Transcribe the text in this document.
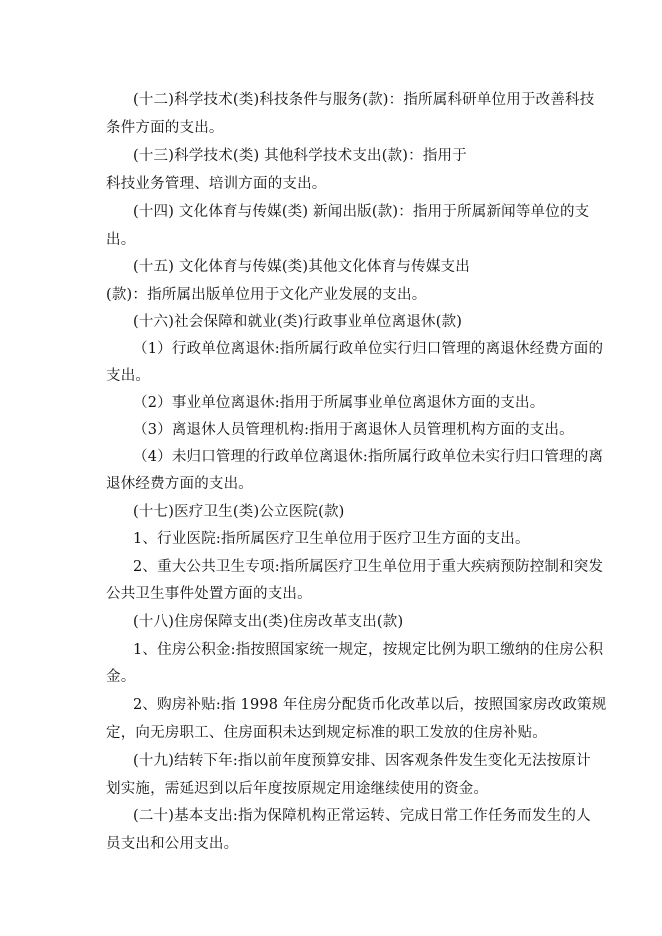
(十二)科学技术(类)科技条件与服务(款)：指所属科研单位用于改善科技
条件方面的支出。
(十三)科学技术(类) 其他科学技术支出(款)：指用于
科技业务管理、培训方面的支出。
(十四) 文化体育与传媒(类) 新闻出版(款)：指用于所属新闻等单位的支
出。
(十五) 文化体育与传媒(类)其他文化体育与传媒支出
(款)：指所属出版单位用于文化产业发展的支出。
(十六)社会保障和就业(类)行政事业单位离退休(款)
（1）行政单位离退休:指所属行政单位实行归口管理的离退休经费方面的
支出。
（2）事业单位离退休:指用于所属事业单位离退休方面的支出。
（3）离退休人员管理机构:指用于离退休人员管理机构方面的支出。
（4）未归口管理的行政单位离退休:指所属行政单位未实行归口管理的离
退休经费方面的支出。
(十七)医疗卫生(类)公立医院(款)
1、行业医院:指所属医疗卫生单位用于医疗卫生方面的支出。
2、重大公共卫生专项:指所属医疗卫生单位用于重大疾病预防控制和突发
公共卫生事件处置方面的支出。
(十八)住房保障支出(类)住房改革支出(款)
1、住房公积金:指按照国家统一规定，按规定比例为职工缴纳的住房公积
金。
2、购房补贴:指 1998 年住房分配货币化改革以后，按照国家房改政策规
定，向无房职工、住房面积未达到规定标准的职工发放的住房补贴。
(十九)结转下年:指以前年度预算安排、因客观条件发生变化无法按原计
划实施，需延迟到以后年度按原规定用途继续使用的资金。
(二十)基本支出:指为保障机构正常运转、完成日常工作任务而发生的人
员支出和公用支出。
